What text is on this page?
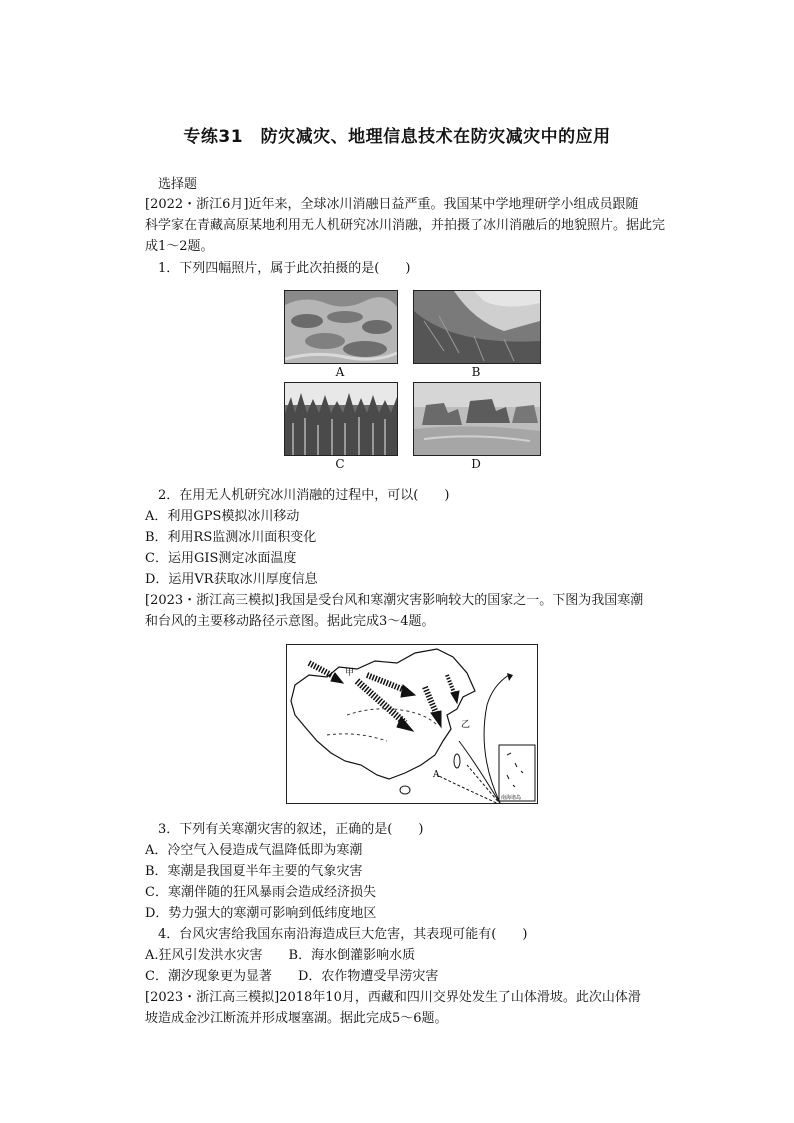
专练31　防灾减灾、地理信息技术在防灾减灾中的应用
选择题
[2022・浙江6月]近年来，全球冰川消融日益严重。我国某中学地理研学小组成员跟随
科学家在青藏高原某地利用无人机研究冰川消融，并拍摄了冰川消融后的地貌照片。据此完
成1～2题。
1．下列四幅照片，属于此次拍摄的是(　　)
A	B
C	D
2．在用无人机研究冰川消融的过程中，可以(　　)
A．利用GPS模拟冰川移动
B．利用RS监测冰川面积变化
C．运用GIS测定冰面温度
D．运用VR获取冰川厚度信息
[2023・浙江高三模拟]我国是受台风和寒潮灾害影响较大的国家之一。下图为我国寒潮
和台风的主要移动路径示意图。据此完成3～4题。
甲
乙
A
南海诸岛
3．下列有关寒潮灾害的叙述，正确的是(　　)
A．冷空气入侵造成气温降低即为寒潮
B．寒潮是我国夏半年主要的气象灾害
C．寒潮伴随的狂风暴雨会造成经济损失
D．势力强大的寒潮可影响到低纬度地区
4．台风灾害给我国东南沿海造成巨大危害，其表现可能有(　　)
A.狂风引发洪水灾害　　B．海水倒灌影响水质
C．潮汐现象更为显著　　D．农作物遭受旱涝灾害
[2023・浙江高三模拟]2018年10月，西藏和四川交界处发生了山体滑坡。此次山体滑
坡造成金沙江断流并形成堰塞湖。据此完成5～6题。
